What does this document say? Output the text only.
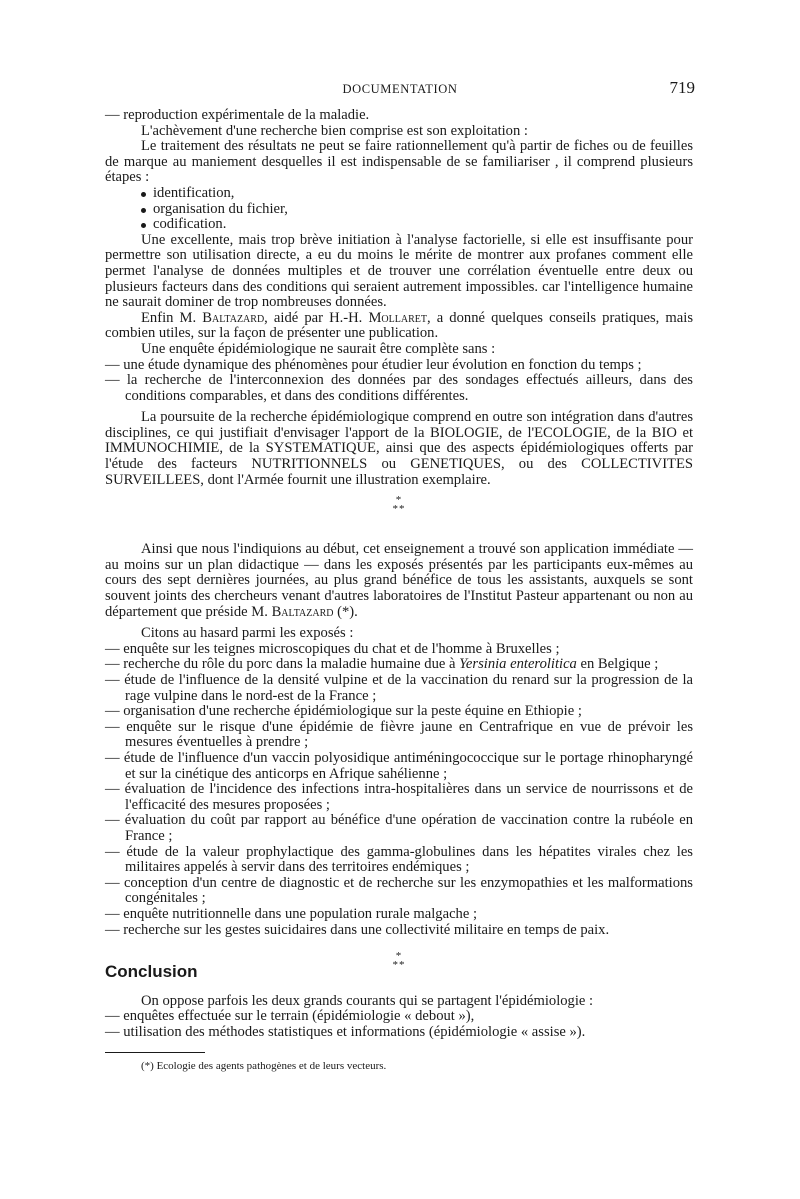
DOCUMENTATION	719

— reproduction expérimentale de la maladie.

L'achèvement d'une recherche bien comprise est son exploitation :

Le traitement des résultats ne peut se faire rationnellement qu'à partir de fiches ou de feuilles de marque au maniement desquelles il est indispensable de se familiariser , il comprend plusieurs étapes :

identification,
organisation du fichier,
codification.

Une excellente, mais trop brève initiation à l'analyse factorielle, si elle est insuffisante pour permettre son utilisation directe, a eu du moins le mérite de montrer aux profanes comment elle permet l'analyse de données multiples et de trouver une corrélation éventuelle entre deux ou plusieurs facteurs dans des conditions qui seraient autrement impossibles. car l'intelligence humaine ne saurait dominer de trop nombreuses données.

Enfin M. Baltazard, aidé par H.-H. Mollaret, a donné quelques conseils pratiques, mais combien utiles, sur la façon de présenter une publication.

Une enquête épidémiologique ne saurait être complète sans :

— une étude dynamique des phénomènes pour étudier leur évolution en fonction du temps ;

— la recherche de l'interconnexion des données par des sondages effectués ailleurs, dans des conditions comparables, et dans des conditions différentes.

La poursuite de la recherche épidémiologique comprend en outre son intégration dans d'autres disciplines, ce qui justifiait d'envisager l'apport de la BIOLOGIE, de l'ECOLOGIE, de la BIO et IMMUNOCHIMIE, de la SYSTEMATIQUE, ainsi que des aspects épidémiologiques offerts par l'étude des facteurs NUTRITIONNELS ou GENETIQUES, ou des COLLECTIVITES SURVEILLEES, dont l'Armée fournit une illustration exemplaire.

*
**

Ainsi que nous l'indiquions au début, cet enseignement a trouvé son application immédiate — au moins sur un plan didactique — dans les exposés présentés par les participants eux-mêmes au cours des sept dernières journées, au plus grand bénéfice de tous les assistants, auxquels se sont souvent joints des chercheurs venant d'autres laboratoires de l'Institut Pasteur appartenant ou non au département que préside M. Baltazard (*).

Citons au hasard parmi les exposés :

— enquête sur les teignes microscopiques du chat et de l'homme à Bruxelles ;

— recherche du rôle du porc dans la maladie humaine due à Yersinia enterolitica en Belgique ;

— étude de l'influence de la densité vulpine et de la vaccination du renard sur la progression de la rage vulpine dans le nord-est de la France ;

— organisation d'une recherche épidémiologique sur la peste équine en Ethiopie ;

— enquête sur le risque d'une épidémie de fièvre jaune en Centrafrique en vue de prévoir les mesures éventuelles à prendre ;

— étude de l'influence d'un vaccin polyosidique antiméningococcique sur le portage rhinopharyngé et sur la cinétique des anticorps en Afrique sahélienne ;

— évaluation de l'incidence des infections intra-hospitalières dans un service de nourrissons et de l'efficacité des mesures proposées ;

— évaluation du coût par rapport au bénéfice d'une opération de vaccination contre la rubéole en France ;

— étude de la valeur prophylactique des gamma-globulines dans les hépatites virales chez les militaires appelés à servir dans des territoires endémiques ;

— conception d'un centre de diagnostic et de recherche sur les enzymopathies et les malformations congénitales ;

— enquête nutritionnelle dans une population rurale malgache ;

— recherche sur les gestes suicidaires dans une collectivité militaire en temps de paix.

*
**
Conclusion

On oppose parfois les deux grands courants qui se partagent l'épidémiologie :

— enquêtes effectuée sur le terrain (épidémiologie « debout »),

— utilisation des méthodes statistiques et informations (épidémiologie « assise »).

(*) Ecologie des agents pathogènes et de leurs vecteurs.
